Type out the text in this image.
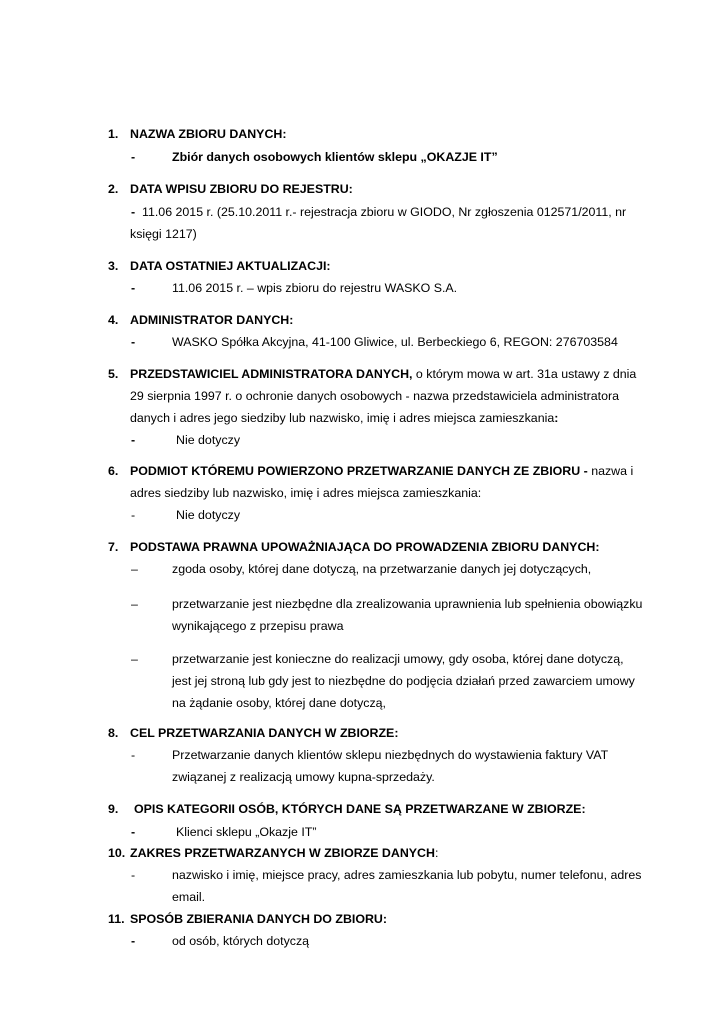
1. NAZWA ZBIORU DANYCH:
-	Zbiór danych osobowych klientów sklepu „OKAZJE IT”
2. DATA WPISU ZBIORU DO REJESTRU:
- 11.06 2015 r. (25.10.2011 r.- rejestracja zbioru w GIODO, Nr zgłoszenia 012571/2011, nr
księgi 1217)
3. DATA OSTATNIEJ AKTUALIZACJI:
-	11.06 2015 r. – wpis zbioru do rejestru WASKO S.A.
4. ADMINISTRATOR DANYCH:
-	WASKO Spółka Akcyjna, 41-100 Gliwice, ul. Berbeckiego 6, REGON: 276703584
5. PRZEDSTAWICIEL ADMINISTRATORA DANYCH, o którym mowa w art. 31a ustawy z dnia
29 sierpnia 1997 r. o ochronie danych osobowych - nazwa przedstawiciela administratora
danych i adres jego siedziby lub nazwisko, imię i adres miejsca zamieszkania:
-	Nie dotyczy
6. PODMIOT KTÓREMU POWIERZONO PRZETWARZANIE DANYCH ZE ZBIORU - nazwa i
adres siedziby lub nazwisko, imię i adres miejsca zamieszkania:
-	Nie dotyczy
7. PODSTAWA PRAWNA UPOWAŻNIAJĄCA DO PROWADZENIA ZBIORU DANYCH:
–	zgoda osoby, której dane dotyczą, na przetwarzanie danych jej dotyczących,
–	przetwarzanie jest niezbędne dla zrealizowania uprawnienia lub spełnienia obowiązku
wynikającego z przepisu prawa
–	przetwarzanie jest konieczne do realizacji umowy, gdy osoba, której dane dotyczą,
jest jej stroną lub gdy jest to niezbędne do podjęcia działań przed zawarciem umowy
na żądanie osoby, której dane dotyczą,
8. CEL PRZETWARZANIA DANYCH W ZBIORZE:
-	Przetwarzanie danych klientów sklepu niezbędnych do wystawienia faktury VAT
związanej z realizacją umowy kupna-sprzedaży.
9. OPIS KATEGORII OSÓB, KTÓRYCH DANE SĄ PRZETWARZANE W ZBIORZE:
-	Klienci sklepu „Okazje IT”
10. ZAKRES PRZETWARZANYCH W ZBIORZE DANYCH:
-	nazwisko i imię, miejsce pracy, adres zamieszkania lub pobytu, numer telefonu, adres
email.
11. SPOSÓB ZBIERANIA DANYCH DO ZBIORU:
-	od osób, których dotyczą
